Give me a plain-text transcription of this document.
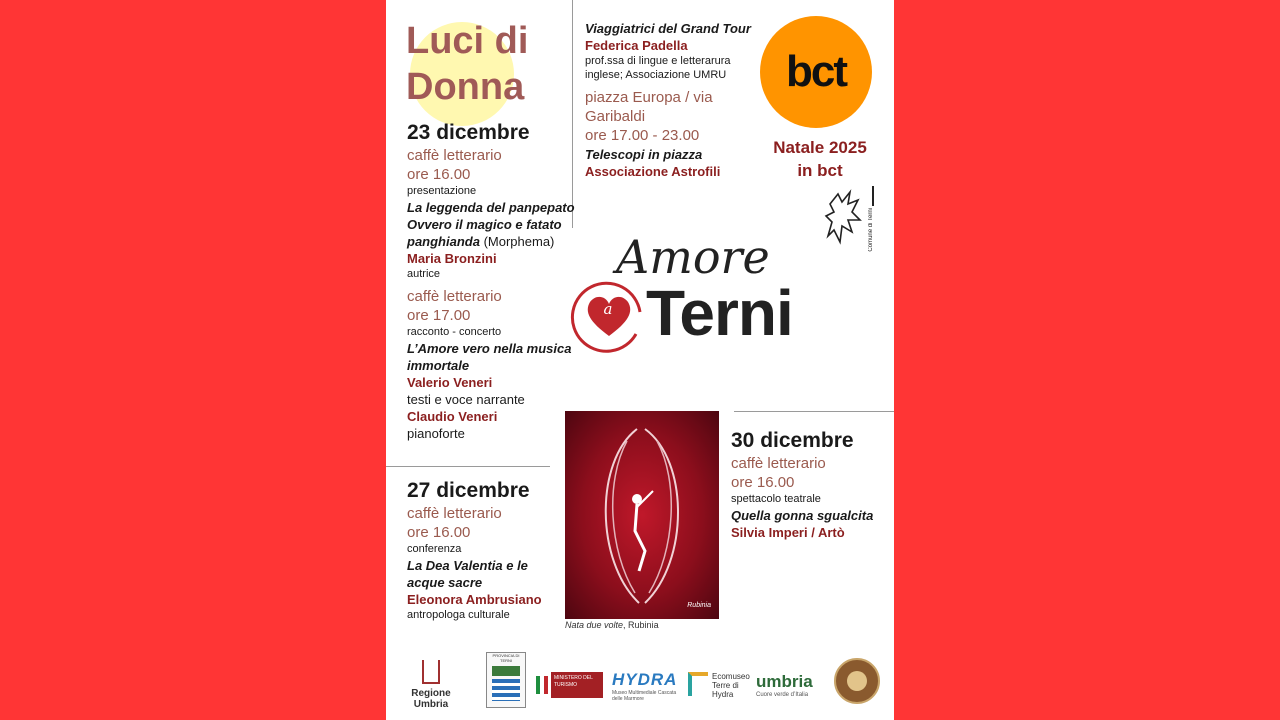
Luci di
Donna
Viaggiatrici del Grand Tour
Federica Padella
prof.ssa di lingue e letterarura inglese; Associazione UMRU
piazza Europa / via Garibaldi
ore 17.00 - 23.00
Telescopi in piazza
Associazione Astrofili
bct
Natale 2025
in bct
Comune di Terni
23 dicembre
caffè letterario
ore 16.00
presentazione
La leggenda del panpepato
Ovvero il magico e fatato panghianda (Morphema)
Maria Bronzini
autrice
caffè letterario
ore 17.00
racconto - concerto
L’Amore vero nella musica immortale
Valerio Veneri
testi e voce narrante
Claudio Veneri
pianoforte
Amore
a Terni
27 dicembre
caffè letterario
ore 16.00
conferenza
La Dea Valentia e le acque sacre
Eleonora Ambrusiano
antropologa culturale
Rubinia
Nata due volte, Rubinia
30 dicembre
caffè letterario
ore 16.00
spettacolo teatrale
Quella gonna sgualcita
Silvia Imperi / Artò
Regione Umbria
PROVINCIA DI TERNI
MINISTERO DEL TURISMO	HYDRA
Museo Multimediale Cascata delle Marmore
Ecomuseo Terre di Hydra
umbria
Cuore verde d’Italia
